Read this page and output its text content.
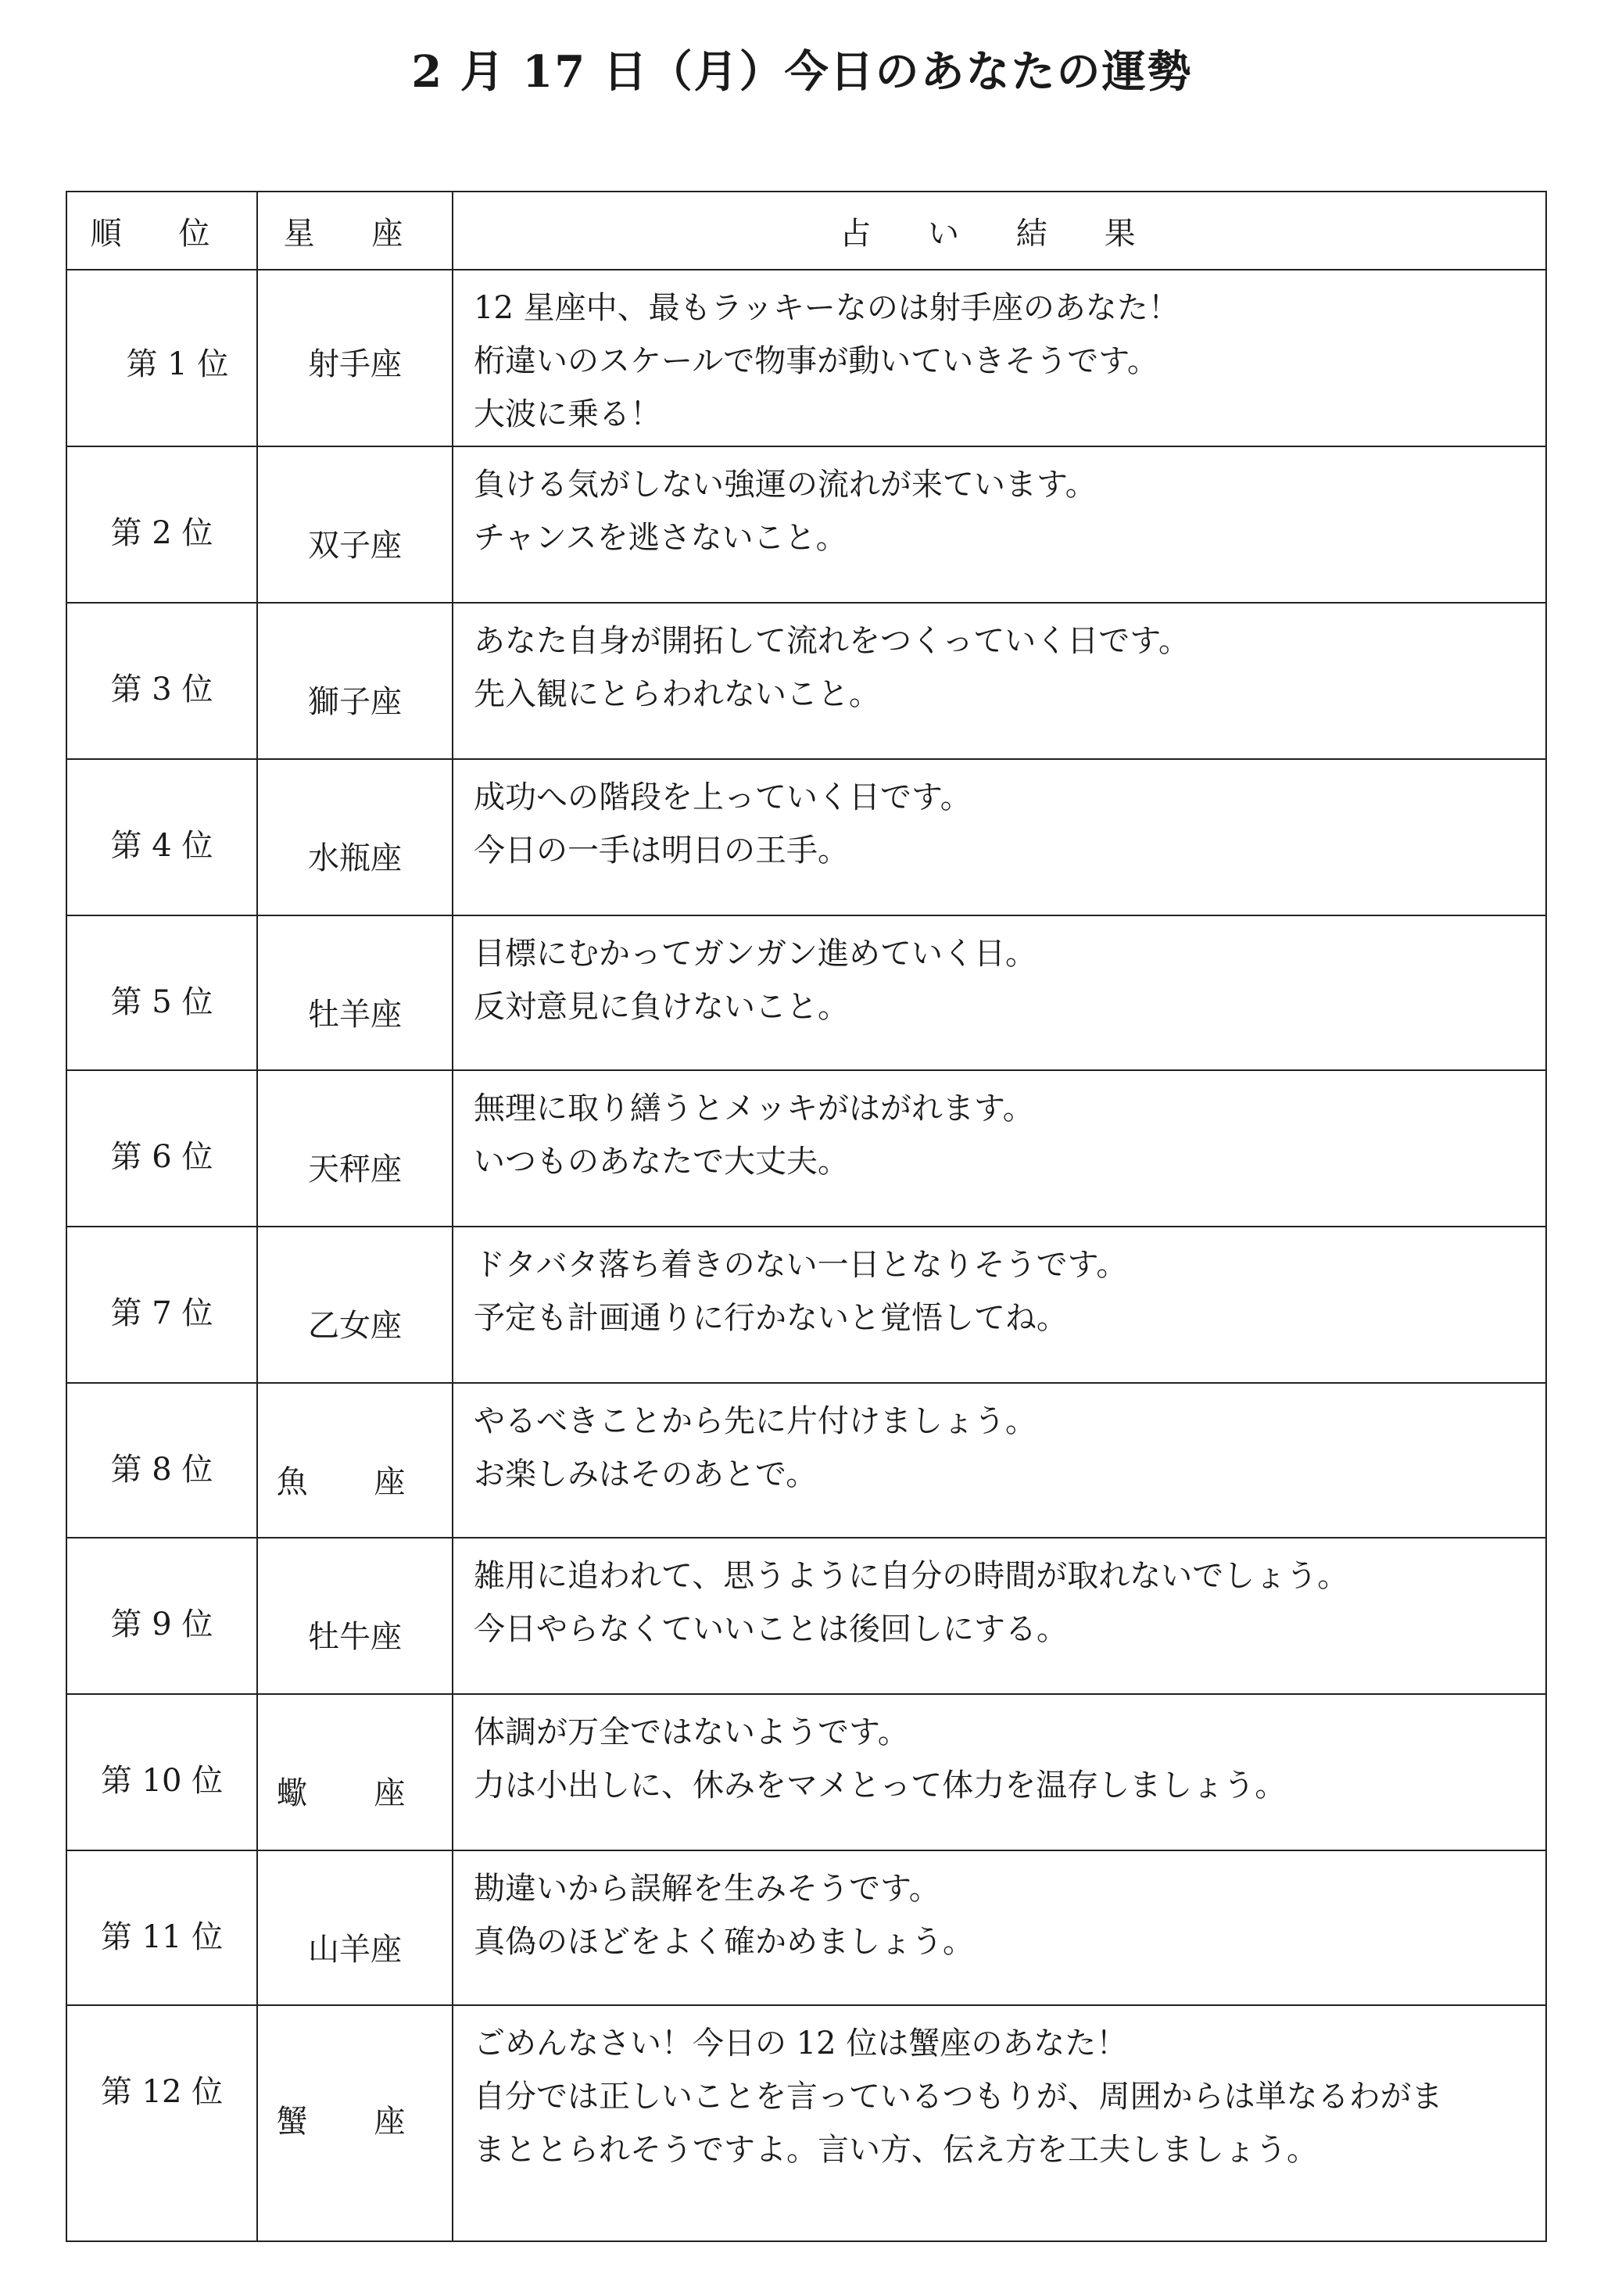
2 月 17 日（月）今日のあなたの運勢
順 位	星 座	占 い 結 果
第 1 位	射手座	12 星座中、最もラッキーなのは射手座のあなた！
桁違いのスケールで物事が動いていきそうです。
大波に乗る！

第 2 位	双子座	負ける気がしない強運の流れが来ています。
チャンスを逃さないこと。

第 3 位	獅子座	あなた自身が開拓して流れをつくっていく日です。
先入観にとらわれないこと。

第 4 位	水瓶座	成功への階段を上っていく日です。
今日の一手は明日の王手。

第 5 位	牡羊座	目標にむかってガンガン進めていく日。
反対意見に負けないこと。

第 6 位	天秤座	無理に取り繕うとメッキがはがれます。
いつものあなたで大丈夫。

第 7 位	乙女座	ドタバタ落ち着きのない一日となりそうです。
予定も計画通りに行かないと覚悟してね。

第 8 位	魚 座	やるべきことから先に片付けましょう。
お楽しみはそのあとで。

第 9 位	牡牛座	雑用に追われて、思うように自分の時間が取れないでしょう。
今日やらなくていいことは後回しにする。

第 10 位	蠍 座	体調が万全ではないようです。
力は小出しに、休みをマメとって体力を温存しましょう。

第 11 位	山羊座	勘違いから誤解を生みそうです。
真偽のほどをよく確かめましょう。

第 12 位	蟹 座	ごめんなさい！今日の 12 位は蟹座のあなた！
自分では正しいことを言っているつもりが、周囲からは単なるわがま
まととられそうですよ。言い方、伝え方を工夫しましょう。
